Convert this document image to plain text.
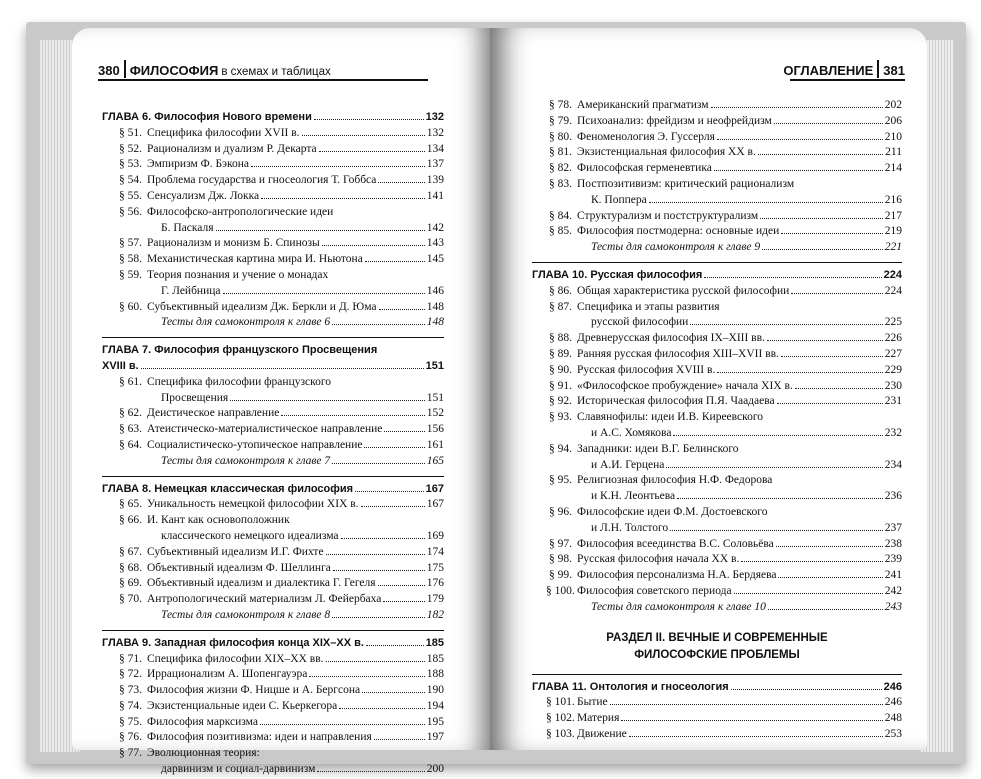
380 ФИЛОСОФИЯ в схемах и таблицах
ГЛАВА 6. Философия Нового времени	132
§ 51. Специфика философии XVII в.	132
§ 52. Рационализм и дуализм Р. Декарта	134
§ 53. Эмпиризм Ф. Бэкона	137
§ 54. Проблема государства и гносеология Т. Гоббса	139
§ 55. Сенсуализм Дж. Локка	141
§ 56. Философско-антропологические идеи
Б. Паскаля	142
§ 57. Рационализм и монизм Б. Спинозы	143
§ 58. Механистическая картина мира И. Ньютона	145
§ 59. Теория познания и учение о монадах
Г. Лейбница	146
§ 60. Субъективный идеализм Дж. Беркли и Д. Юма	148
Тесты для самоконтроля к главе 6	148
ГЛАВА 7. Философия французского Просвещения
XVIII в.	151
§ 61. Специфика философии французского
Просвещения	151
§ 62. Деистическое направление	152
§ 63. Атеистическо-материалистическое направление	156
§ 64. Социалистическо-утопическое направление	161
Тесты для самоконтроля к главе 7	165
ГЛАВА 8. Немецкая классическая философия	167
§ 65. Уникальность немецкой философии XIX в.	167
§ 66. И. Кант как основоположник
классического немецкого идеализма	169
§ 67. Субъективный идеализм И.Г. Фихте	174
§ 68. Объективный идеализм Ф. Шеллинга	175
§ 69. Объективный идеализм и диалектика Г. Гегеля	176
§ 70. Антропологический материализм Л. Фейербаха	179
Тесты для самоконтроля к главе 8	182
ГЛАВА 9. Западная философия конца XIX–XX в.	185
§ 71. Специфика философии XIX–XX вв.	185
§ 72. Иррационализм А. Шопенгауэра	188
§ 73. Философия жизни Ф. Ницше и А. Бергсона	190
§ 74. Экзистенциальные идеи С. Кьеркегора	194
§ 75. Философия марксизма	195
§ 76. Философия позитивизма: идеи и направления	197
§ 77. Эволюционная теория:
дарвинизм и социал-дарвинизм	200
ОГЛАВЛЕНИЕ 381
§ 78. Американский прагматизм	202
§ 79. Психоанализ: фрейдизм и неофрейдизм	206
§ 80. Феноменология Э. Гуссерля	210
§ 81. Экзистенциальная философия XX в.	211
§ 82. Философская герменевтика	214
§ 83. Постпозитивизм: критический рационализм
К. Поппера	216
§ 84. Структурализм и постструктурализм	217
§ 85. Философия постмодерна: основные идеи	219
Тесты для самоконтроля к главе 9	221
ГЛАВА 10. Русская философия	224
§ 86. Общая характеристика русской философии	224
§ 87. Специфика и этапы развития
русской философии	225
§ 88. Древнерусская философия IX–XIII вв.	226
§ 89. Ранняя русская философия XIII–XVII вв.	227
§ 90. Русская философия XVIII в.	229
§ 91. «Философское пробуждение» начала XIX в.	230
§ 92. Историческая философия П.Я. Чаадаева	231
§ 93. Славянофилы: идеи И.В. Киреевского
и А.С. Хомякова	232
§ 94. Западники: идеи В.Г. Белинского
и А.И. Герцена	234
§ 95. Религиозная философия Н.Ф. Федорова
и К.Н. Леонтьева	236
§ 96. Философские идеи Ф.М. Достоевского
и Л.Н. Толстого	237
§ 97. Философия всеединства В.С. Соловьёва	238
§ 98. Русская философия начала XX в.	239
§ 99. Философия персонализма Н.А. Бердяева	241
§ 100. Философия советского периода	242
Тесты для самоконтроля к главе 10	243
РАЗДЕЛ II. ВЕЧНЫЕ И СОВРЕМЕННЫЕ
ФИЛОСОФСКИЕ ПРОБЛЕМЫ
ГЛАВА 11. Онтология и гносеология	246
§ 101. Бытие	246
§ 102. Материя	248
§ 103. Движение	253
